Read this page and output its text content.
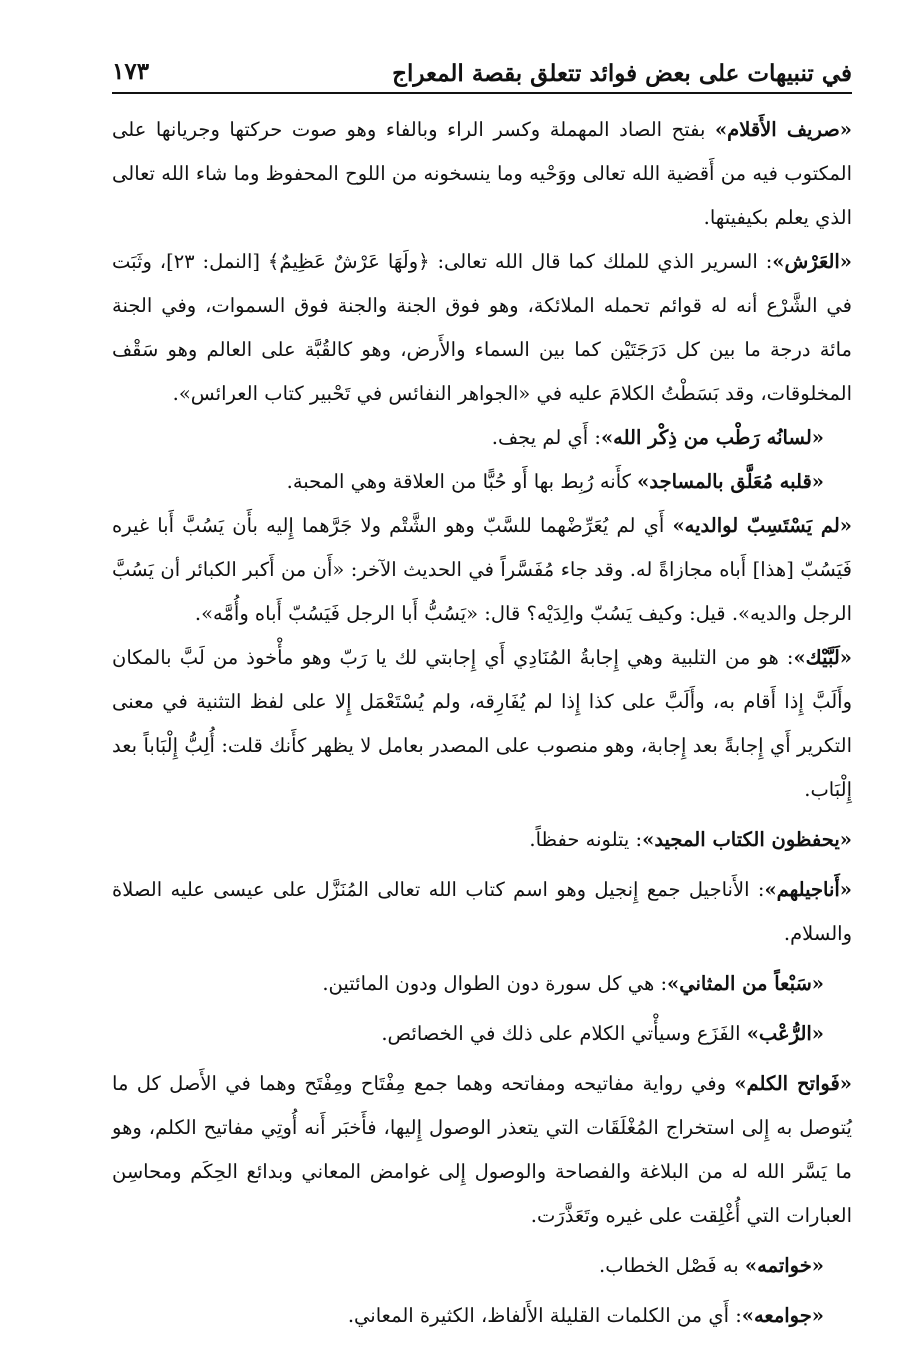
في تنبيهات على بعض فوائد تتعلق بقصة المعراج
١٧٣

«صريف الأَقلام» بفتح الصاد المهملة وكسر الراء وبالفاء وهو صوت حركتها وجريانها على المكتوب فيه من أَقضية الله تعالى ووَحْيه وما ينسخونه من اللوح المحفوظ وما شاء الله تعالى الذي يعلم بكيفيتها.

«العَرْش»: السرير الذي للملك كما قال الله تعالى: ﴿ولَهَا عَرْشٌ عَظِيمٌ﴾ [النمل: ٢٣]، وثَبَت في الشَّرْع أنه له قوائم تحمله الملائكة، وهو فوق الجنة والجنة فوق السموات، وفي الجنة مائة درجة ما بين كل دَرَجَتَيْن كما بين السماء والأَرض، وهو كالقُبَّة على العالم وهو سَقْف المخلوقات، وقد بَسَطْتُ الكلامَ عليه في «الجواهر النفائس في تَحْبير كتاب العرائس».

«لسانُه رَطْب من ذِكْر الله»: أَي لم يجف.

«قلبه مُعَلَّق بالمساجد» كأَنه رُبِط بها أَو حُبًّا من العلاقة وهي المحبة.

«لم يَسْتَسِبّ لوالديه» أَي لم يُعَرِّضْهما للسَّبّ وهو الشَّتْم ولا جَرَّهما إِليه بأَن يَسُبَّ أَبا غيره فَيَسُبّ [هذا] أَباه مجازاةً له. وقد جاء مُفَسَّراً في الحديث الآخر: «أَن من أَكبر الكبائر أن يَسُبَّ الرجل والديه». قيل: وكيف يَسُبّ والِدَيْه؟ قال: «يَسُبُّ أَبا الرجل فَيَسُبّ أَباه وأُمَّه».

«لَبَّيْك»: هو من التلبية وهي إِجابةُ المُنَادِي أَي إِجابتي لك يا رَبّ وهو مأْخوذ من لَبَّ بالمكان وأَلَبَّ إِذا أَقام به، وأَلَبَّ على كذا إِذا لم يُفَارِقه، ولم يُسْتَعْمَل إِلا على لفظ التثنية في معنى التكرير أَي إِجابةً بعد إِجابة، وهو منصوب على المصدر بعامل لا يظهر كأَنك قلت: أُلِبُّ إِلْبَاباً بعد إِلْبَاب.

«يحفظون الكتاب المجيد»: يتلونه حفظاً.

«أَناجيلهم»: الأَناجيل جمع إِنجيل وهو اسم كتاب الله تعالى المُنَزَّل على عيسى عليه الصلاة والسلام.

«سَبْعاً من المثاني»: هي كل سورة دون الطوال ودون المائتين.

«الرُّعْب» الفَزَع وسيأْتي الكلام على ذلك في الخصائص.

«فَواتح الكلم» وفي رواية مفاتيحه ومفاتحه وهما جمع مِفْتَاح ومِفْتَح وهما في الأَصل كل ما يُتوصل به إِلى استخراج المُغْلَقَات التي يتعذر الوصول إِليها، فأَخبَر أَنه أُوتِي مفاتيح الكلم، وهو ما يَسَّر الله له من البلاغة والفصاحة والوصول إِلى غوامض المعاني وبدائع الحِكَم ومحاسِن العبارات التي أُغْلِقت على غيره وتَعَذَّرَت.

«خواتمه» به فَصْل الخطاب.

«جوامعه»: أَي من الكلمات القليلة الأَلفاظ، الكثيرة المعاني.
